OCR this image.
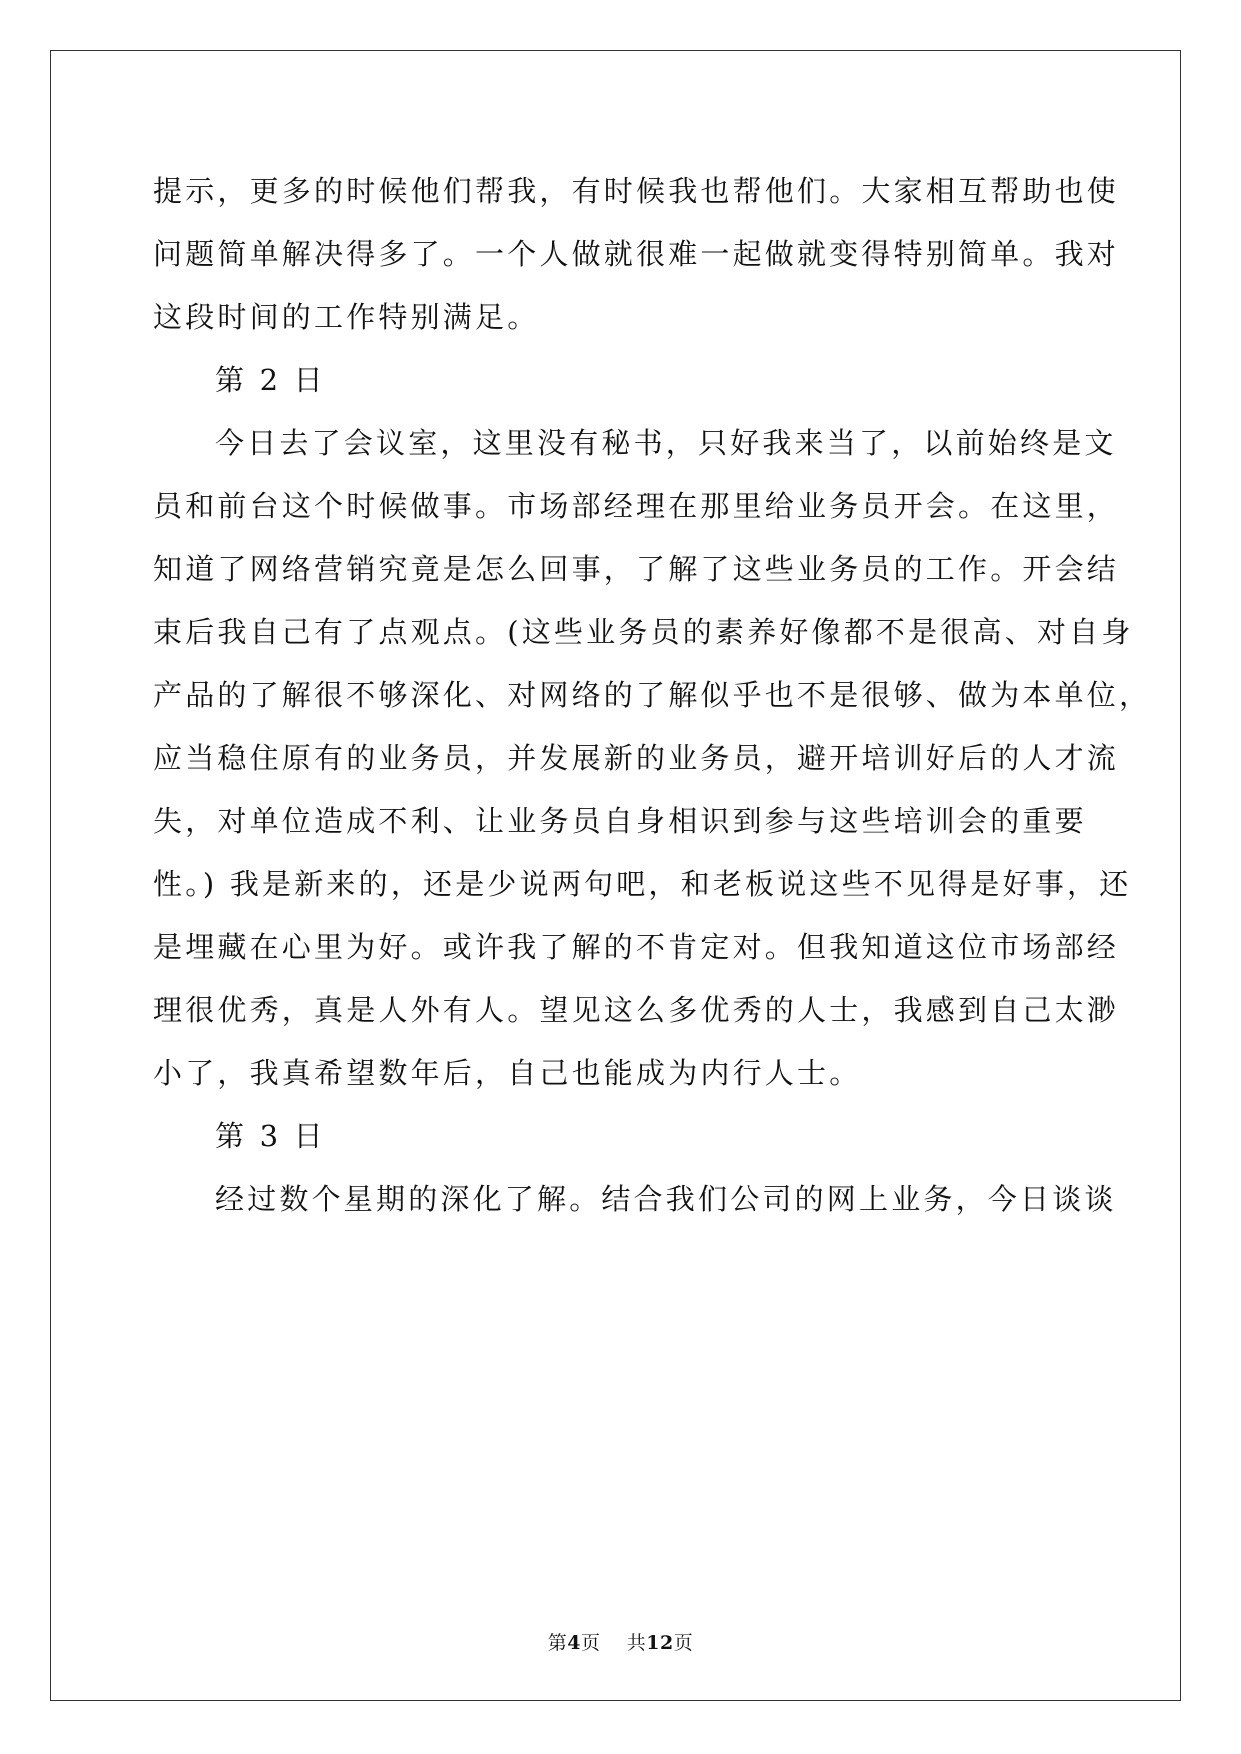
提示，更多的时候他们帮我，有时候我也帮他们。大家相互帮助也使
问题简单解决得多了。一个人做就很难一起做就变得特别简单。我对
这段时间的工作特别满足。
第 2 日
今日去了会议室，这里没有秘书，只好我来当了，以前始终是文
员和前台这个时候做事。市场部经理在那里给业务员开会。在这里，
知道了网络营销究竟是怎么回事，了解了这些业务员的工作。开会结
束后我自己有了点观点。(这些业务员的素养好像都不是很高、对自身
产品的了解很不够深化、对网络的了解似乎也不是很够、做为本单位，
应当稳住原有的业务员，并发展新的业务员，避开培训好后的人才流
失，对单位造成不利、让业务员自身相识到参与这些培训会的重要
性。) 我是新来的，还是少说两句吧，和老板说这些不见得是好事，还
是埋藏在心里为好。或许我了解的不肯定对。但我知道这位市场部经
理很优秀，真是人外有人。望见这么多优秀的人士，我感到自己太渺
小了，我真希望数年后，自己也能成为内行人士。
第 3 日
经过数个星期的深化了解。结合我们公司的网上业务，今日谈谈
第4页 共12页
